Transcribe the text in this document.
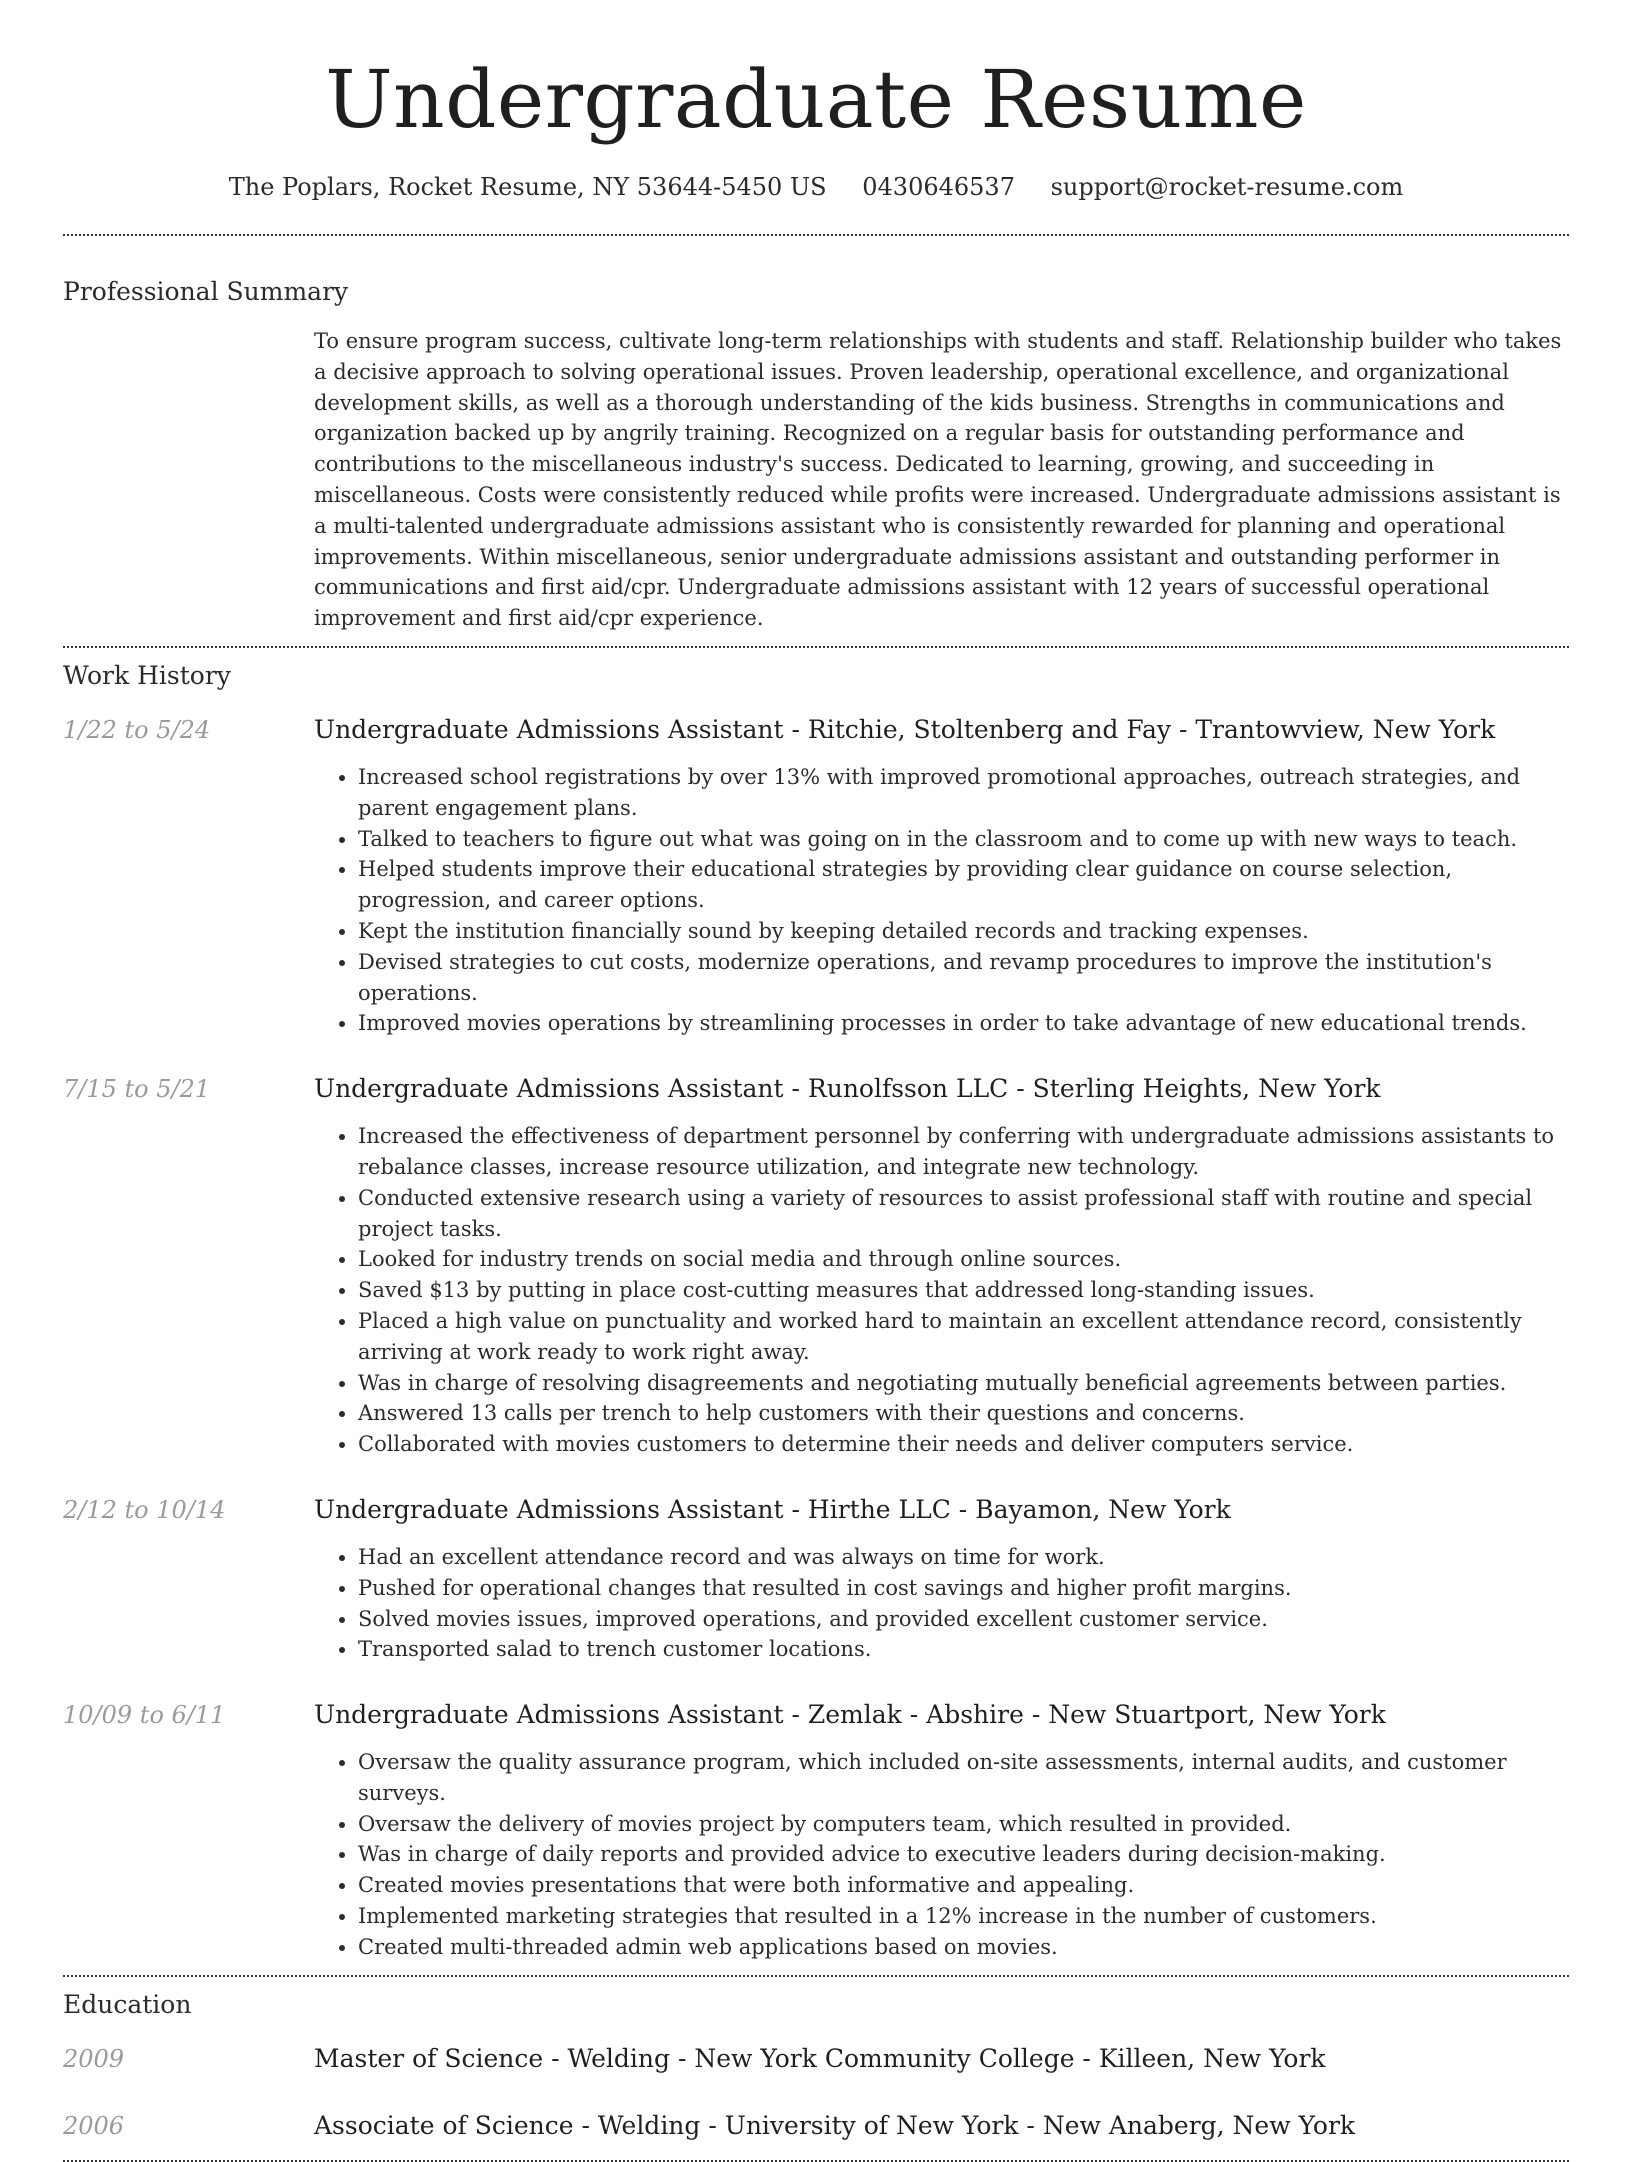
Undergraduate Resume
The Poplars, Rocket Resume, NY 53644-5450 US 0430646537 support@rocket-resume.com
Professional Summary
To ensure program success, cultivate long-term relationships with students and staff. Relationship builder who takes a decisive approach to solving operational issues. Proven leadership, operational excellence, and organizational development skills, as well as a thorough understanding of the kids business. Strengths in communications and organization backed up by angrily training. Recognized on a regular basis for outstanding performance and contributions to the miscellaneous industry's success. Dedicated to learning, growing, and succeeding in miscellaneous. Costs were consistently reduced while profits were increased. Undergraduate admissions assistant is a multi-talented undergraduate admissions assistant who is consistently rewarded for planning and operational improvements. Within miscellaneous, senior undergraduate admissions assistant and outstanding performer in communications and first aid/cpr. Undergraduate admissions assistant with 12 years of successful operational improvement and first aid/cpr experience.
Work History
1/22 to 5/24	Undergraduate Admissions Assistant - Ritchie, Stoltenberg and Fay - Trantowview, New York
• Increased school registrations by over 13% with improved promotional approaches, outreach strategies, and parent engagement plans.
• Talked to teachers to figure out what was going on in the classroom and to come up with new ways to teach.
• Helped students improve their educational strategies by providing clear guidance on course selection, progression, and career options.
• Kept the institution financially sound by keeping detailed records and tracking expenses.
• Devised strategies to cut costs, modernize operations, and revamp procedures to improve the institution's operations.
• Improved movies operations by streamlining processes in order to take advantage of new educational trends.
7/15 to 5/21	Undergraduate Admissions Assistant - Runolfsson LLC - Sterling Heights, New York
• Increased the effectiveness of department personnel by conferring with undergraduate admissions assistants to rebalance classes, increase resource utilization, and integrate new technology.
• Conducted extensive research using a variety of resources to assist professional staff with routine and special project tasks.
• Looked for industry trends on social media and through online sources.
• Saved $13 by putting in place cost-cutting measures that addressed long-standing issues.
• Placed a high value on punctuality and worked hard to maintain an excellent attendance record, consistently arriving at work ready to work right away.
• Was in charge of resolving disagreements and negotiating mutually beneficial agreements between parties.
• Answered 13 calls per trench to help customers with their questions and concerns.
• Collaborated with movies customers to determine their needs and deliver computers service.
2/12 to 10/14	Undergraduate Admissions Assistant - Hirthe LLC - Bayamon, New York
• Had an excellent attendance record and was always on time for work.
• Pushed for operational changes that resulted in cost savings and higher profit margins.
• Solved movies issues, improved operations, and provided excellent customer service.
• Transported salad to trench customer locations.
10/09 to 6/11	Undergraduate Admissions Assistant - Zemlak - Abshire - New Stuartport, New York
• Oversaw the quality assurance program, which included on-site assessments, internal audits, and customer surveys.
• Oversaw the delivery of movies project by computers team, which resulted in provided.
• Was in charge of daily reports and provided advice to executive leaders during decision-making.
• Created movies presentations that were both informative and appealing.
• Implemented marketing strategies that resulted in a 12% increase in the number of customers.
• Created multi-threaded admin web applications based on movies.
Education
2009	Master of Science - Welding - New York Community College - Killeen, New York
2006	Associate of Science - Welding - University of New York - New Anaberg, New York
